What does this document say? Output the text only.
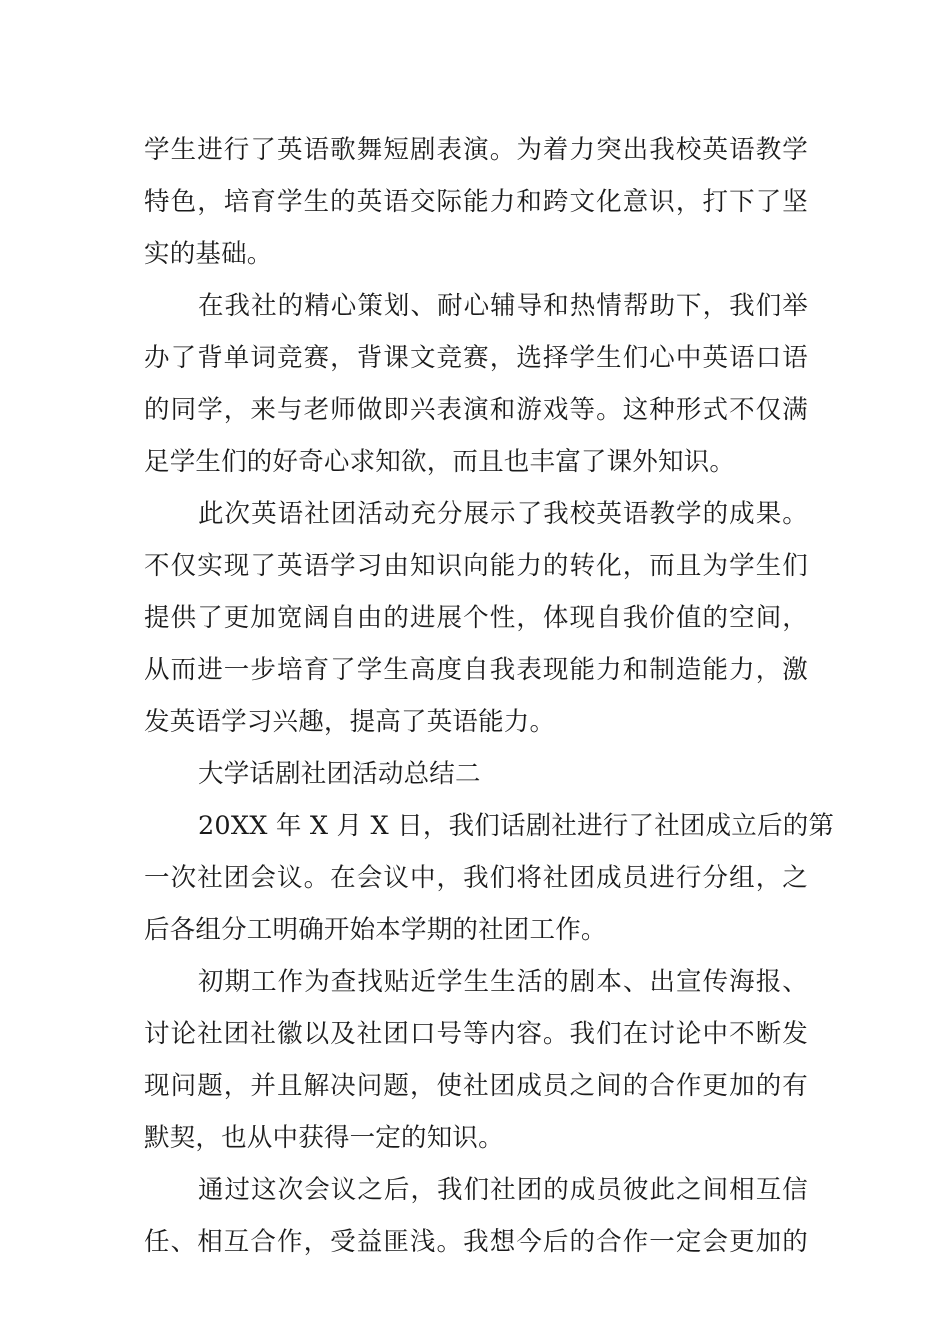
学生进行了英语歌舞短剧表演。为着力突出我校英语教学
特色，培育学生的英语交际能力和跨文化意识，打下了坚
实的基础。
在我社的精心策划、耐心辅导和热情帮助下，我们举
办了背单词竞赛，背课文竞赛，选择学生们心中英语口语
的同学，来与老师做即兴表演和游戏等。这种形式不仅满
足学生们的好奇心求知欲，而且也丰富了课外知识。
此次英语社团活动充分展示了我校英语教学的成果。
不仅实现了英语学习由知识向能力的转化，而且为学生们
提供了更加宽阔自由的进展个性，体现自我价值的空间，
从而进一步培育了学生高度自我表现能力和制造能力，激
发英语学习兴趣，提高了英语能力。
大学话剧社团活动总结二
20XX 年 X 月 X 日，我们话剧社进行了社团成立后的第
一次社团会议。在会议中，我们将社团成员进行分组，之
后各组分工明确开始本学期的社团工作。
初期工作为查找贴近学生生活的剧本、出宣传海报、
讨论社团社徽以及社团口号等内容。我们在讨论中不断发
现问题，并且解决问题，使社团成员之间的合作更加的有
默契，也从中获得一定的知识。
通过这次会议之后，我们社团的成员彼此之间相互信
任、相互合作，受益匪浅。我想今后的合作一定会更加的
